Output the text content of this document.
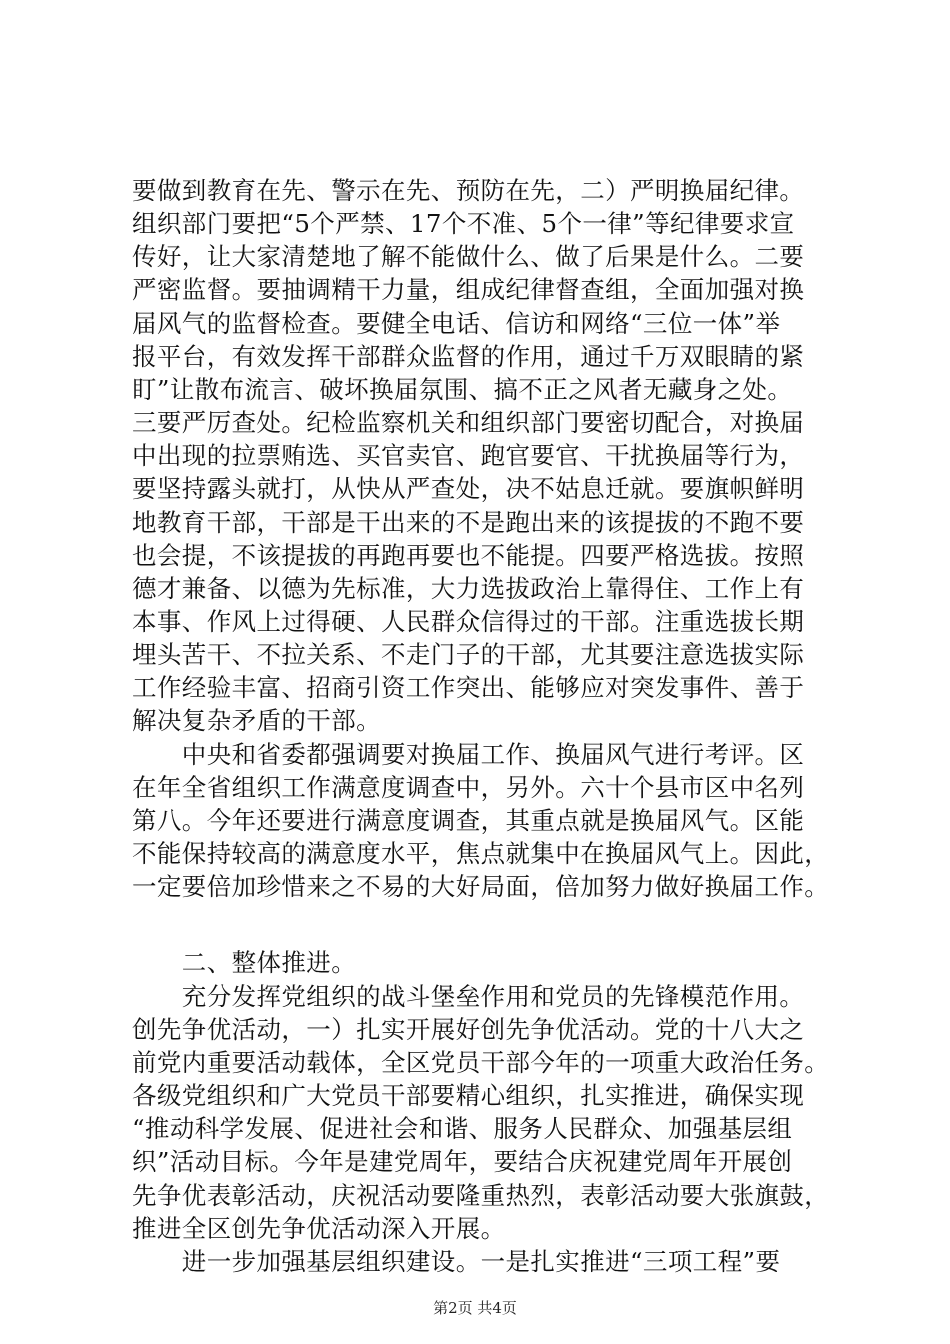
要做到教育在先、警示在先、预防在先，二）严明换届纪律。
组织部门要把“5个严禁、17个不准、5个一律”等纪律要求宣
传好，让大家清楚地了解不能做什么、做了后果是什么。二要
严密监督。要抽调精干力量，组成纪律督查组，全面加强对换
届风气的监督检查。要健全电话、信访和网络“三位一体”举
报平台，有效发挥干部群众监督的作用，通过千万双眼睛的紧
盯”让散布流言、破坏换届氛围、搞不正之风者无藏身之处。
三要严厉查处。纪检监察机关和组织部门要密切配合，对换届
中出现的拉票贿选、买官卖官、跑官要官、干扰换届等行为，
要坚持露头就打，从快从严查处，决不姑息迁就。要旗帜鲜明
地教育干部，干部是干出来的不是跑出来的该提拔的不跑不要
也会提，不该提拔的再跑再要也不能提。四要严格选拔。按照
德才兼备、以德为先标准，大力选拔政治上靠得住、工作上有
本事、作风上过得硬、人民群众信得过的干部。注重选拔长期
埋头苦干、不拉关系、不走门子的干部，尤其要注意选拔实际
工作经验丰富、招商引资工作突出、能够应对突发事件、善于
解决复杂矛盾的干部。
　　中央和省委都强调要对换届工作、换届风气进行考评。区
在年全省组织工作满意度调查中，另外。六十个县市区中名列
第八。今年还要进行满意度调查，其重点就是换届风气。区能
不能保持较高的满意度水平，焦点就集中在换届风气上。因此，
一定要倍加珍惜来之不易的大好局面，倍加努力做好换届工作。
　　二、整体推进。
　　充分发挥党组织的战斗堡垒作用和党员的先锋模范作用。
创先争优活动，一）扎实开展好创先争优活动。党的十八大之
前党内重要活动载体，全区党员干部今年的一项重大政治任务。
各级党组织和广大党员干部要精心组织，扎实推进，确保实现
“推动科学发展、促进社会和谐、服务人民群众、加强基层组
织”活动目标。今年是建党周年，要结合庆祝建党周年开展创
先争优表彰活动，庆祝活动要隆重热烈，表彰活动要大张旗鼓，
推进全区创先争优活动深入开展。
　　进一步加强基层组织建设。一是扎实推进“三项工程”要
第2页 共4页
